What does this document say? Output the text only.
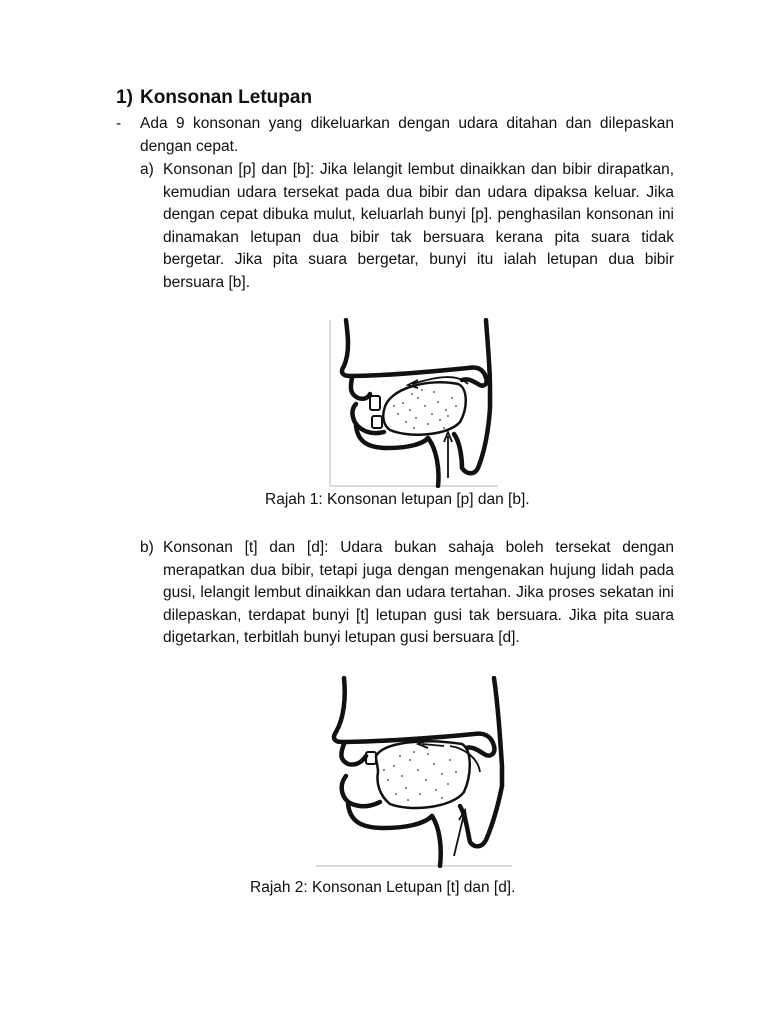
1) Konsonan Letupan
- Ada 9 konsonan yang dikeluarkan dengan udara ditahan dan dilepaskan dengan cepat.
a) Konsonan [p] dan [b]: Jika lelangit lembut dinaikkan dan bibir dirapatkan, kemudian udara tersekat pada dua bibir dan udara dipaksa keluar. Jika dengan cepat dibuka mulut, keluarlah bunyi [p]. penghasilan konsonan ini dinamakan letupan dua bibir tak bersuara kerana pita suara tidak bergetar. Jika pita suara bergetar, bunyi itu ialah letupan dua bibir bersuara [b].
Rajah 1: Konsonan letupan [p] dan [b].
b) Konsonan [t] dan [d]: Udara bukan sahaja boleh tersekat dengan merapatkan dua bibir, tetapi juga dengan mengenakan hujung lidah pada gusi, lelangit lembut dinaikkan dan udara tertahan. Jika proses sekatan ini dilepaskan, terdapat bunyi [t] letupan gusi tak bersuara. Jika pita suara digetarkan, terbitlah bunyi letupan gusi bersuara [d].
Rajah 2: Konsonan Letupan [t] dan [d].
